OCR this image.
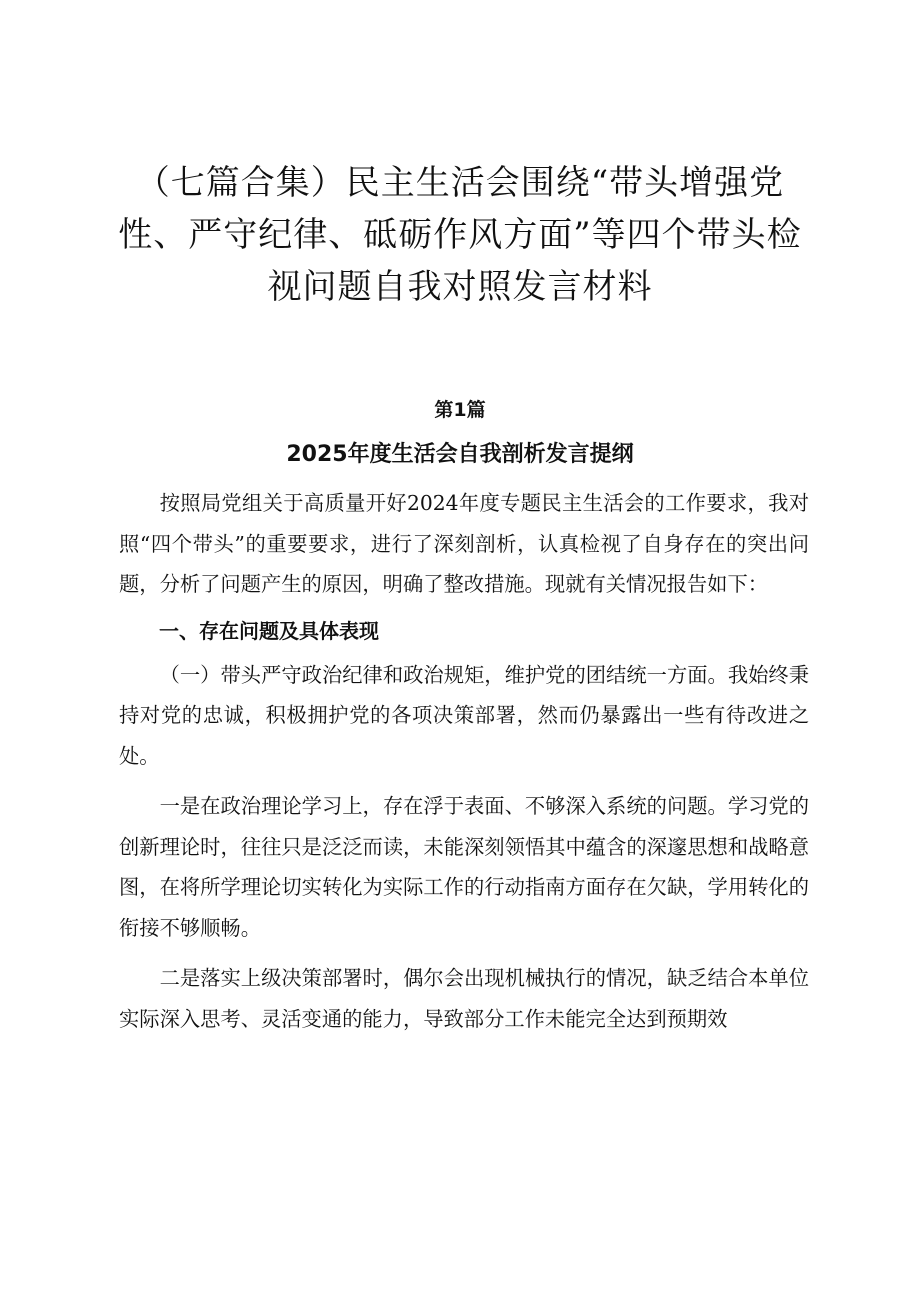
（七篇合集）民主生活会围绕“带头增强党
性、严守纪律、砥砺作风方面”等四个带头检
视问题自我对照发言材料
第1篇
2025年度生活会自我剖析发言提纲

按照局党组关于高质量开好2024年度专题民主生活会的工作要求，我对照“四个带头”的重要要求，进行了深刻剖析，认真检视了自身存在的突出问题，分析了问题产生的原因，明确了整改措施。现就有关情况报告如下：

一、存在问题及具体表现

（一）带头严守政治纪律和政治规矩，维护党的团结统一方面。我始终秉持对党的忠诚，积极拥护党的各项决策部署，然而仍暴露出一些有待改进之处。

一是在政治理论学习上，存在浮于表面、不够深入系统的问题。学习党的创新理论时，往往只是泛泛而读，未能深刻领悟其中蕴含的深邃思想和战略意图，在将所学理论切实转化为实际工作的行动指南方面存在欠缺，学用转化的衔接不够顺畅。

二是落实上级决策部署时，偶尔会出现机械执行的情况，缺乏结合本单位实际深入思考、灵活变通的能力，导致部分工作未能完全达到预期效
